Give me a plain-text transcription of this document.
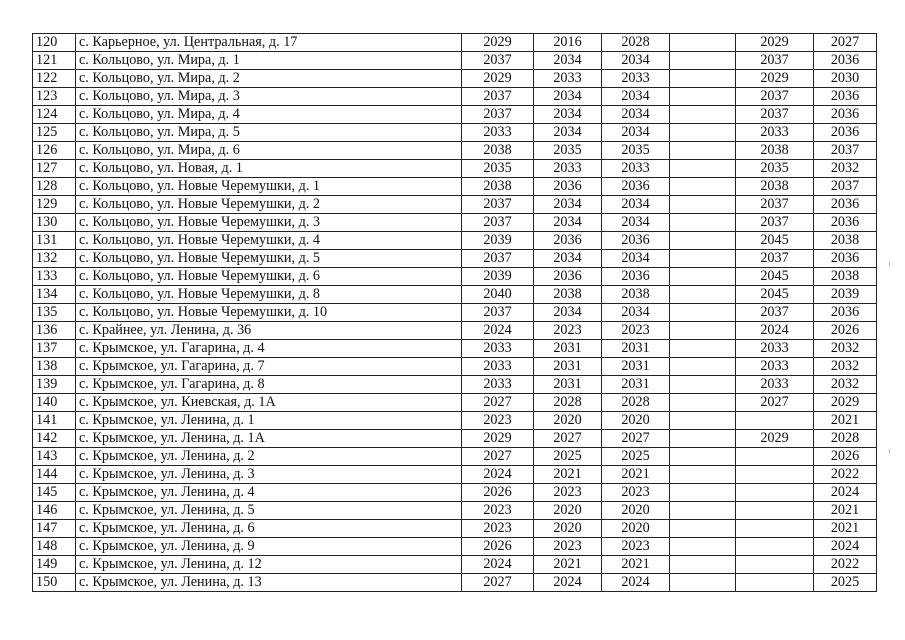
120	с. Карьерное, ул. Центральная, д. 17	2029	2016	2028		2029	2027
121	с. Кольцово, ул. Мира, д. 1	2037	2034	2034		2037	2036
122	с. Кольцово, ул. Мира, д. 2	2029	2033	2033		2029	2030
123	с. Кольцово, ул. Мира, д. 3	2037	2034	2034		2037	2036
124	с. Кольцово, ул. Мира, д. 4	2037	2034	2034		2037	2036
125	с. Кольцово, ул. Мира, д. 5	2033	2034	2034		2033	2036
126	с. Кольцово, ул. Мира, д. 6	2038	2035	2035		2038	2037
127	с. Кольцово, ул. Новая, д. 1	2035	2033	2033		2035	2032
128	с. Кольцово, ул. Новые Черемушки, д. 1	2038	2036	2036		2038	2037
129	с. Кольцово, ул. Новые Черемушки, д. 2	2037	2034	2034		2037	2036
130	с. Кольцово, ул. Новые Черемушки, д. 3	2037	2034	2034		2037	2036
131	с. Кольцово, ул. Новые Черемушки, д. 4	2039	2036	2036		2045	2038
132	с. Кольцово, ул. Новые Черемушки, д. 5	2037	2034	2034		2037	2036
133	с. Кольцово, ул. Новые Черемушки, д. 6	2039	2036	2036		2045	2038
134	с. Кольцово, ул. Новые Черемушки, д. 8	2040	2038	2038		2045	2039
135	с. Кольцово, ул. Новые Черемушки, д. 10	2037	2034	2034		2037	2036
136	с. Крайнее, ул. Ленина, д. 36	2024	2023	2023		2024	2026
137	с. Крымское, ул. Гагарина, д. 4	2033	2031	2031		2033	2032
138	с. Крымское, ул. Гагарина, д. 7	2033	2031	2031		2033	2032
139	с. Крымское, ул. Гагарина, д. 8	2033	2031	2031		2033	2032
140	с. Крымское, ул. Киевская, д. 1А	2027	2028	2028		2027	2029
141	с. Крымское, ул. Ленина, д. 1	2023	2020	2020			2021
142	с. Крымское, ул. Ленина, д. 1А	2029	2027	2027		2029	2028
143	с. Крымское, ул. Ленина, д. 2	2027	2025	2025			2026
144	с. Крымское, ул. Ленина, д. 3	2024	2021	2021			2022
145	с. Крымское, ул. Ленина, д. 4	2026	2023	2023			2024
146	с. Крымское, ул. Ленина, д. 5	2023	2020	2020			2021
147	с. Крымское, ул. Ленина, д. 6	2023	2020	2020			2021
148	с. Крымское, ул. Ленина, д. 9	2026	2023	2023			2024
149	с. Крымское, ул. Ленина, д. 12	2024	2021	2021			2022
150	с. Крымское, ул. Ленина, д. 13	2027	2024	2024			2025
